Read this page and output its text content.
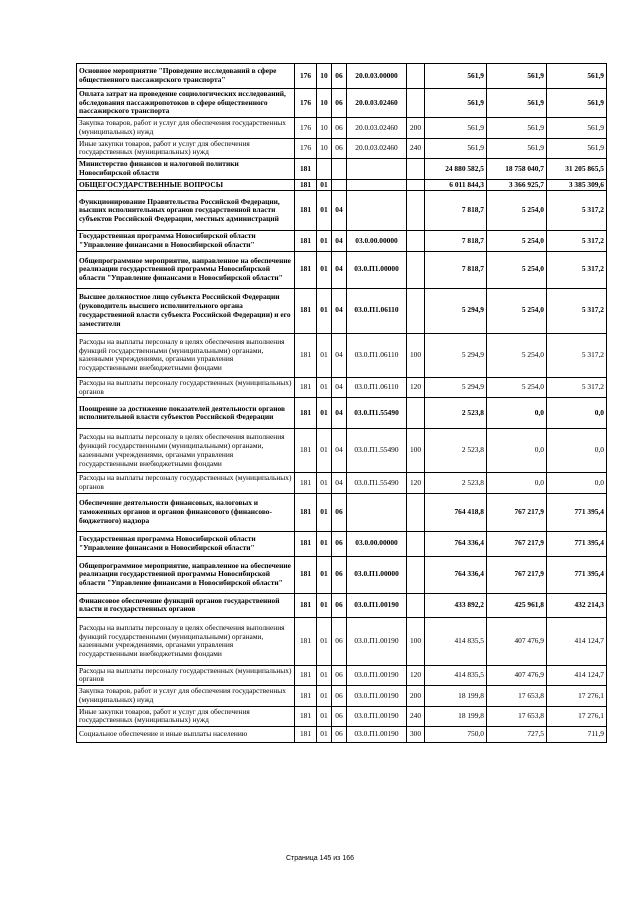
Основное мероприятие "Проведение исследований в сфере общественного пассажирского транспорта"	176	10	06	20.0.03.00000		561,9	561,9	561,9
Оплата затрат на проведение социологических исследований, обследования пассажиропотоков в сфере общественного пассажирского транспорта	176	10	06	20.0.03.02460		561,9	561,9	561,9
Закупка товаров, работ и услуг для обеспечения государственных (муниципальных) нужд	176	10	06	20.0.03.02460	200	561,9	561,9	561,9
Иные закупки товаров, работ и услуг для обеспечения государственных (муниципальных) нужд	176	10	06	20.0.03.02460	240	561,9	561,9	561,9
Министерство финансов и налоговой политики Новосибирской области	181					24 880 582,5	18 758 040,7	31 205 865,5
ОБЩЕГОСУДАРСТВЕННЫЕ ВОПРОСЫ	181	01				6 011 844,3	3 366 925,7	3 385 309,6
Функционирование Правительства Российской Федерации, высших исполнительных органов государственной власти субъектов Российской Федерации, местных администраций	181	01	04			7 818,7	5 254,0	5 317,2
Государственная программа Новосибирской области "Управление финансами в Новосибирской области"	181	01	04	03.0.00.00000		7 818,7	5 254,0	5 317,2
Общепрограммное мероприятие, направленное на обеспечение реализации государственной программы Новосибирской области "Управление финансами в Новосибирской области"	181	01	04	03.0.П1.00000		7 818,7	5 254,0	5 317,2
Высшее должностное лицо субъекта Российской Федерации (руководитель высшего исполнительного органа государственной власти субъекта Российской Федерации) и его заместители	181	01	04	03.0.П1.06110		5 294,9	5 254,0	5 317,2
Расходы на выплаты персоналу в целях обеспечения выполнения функций государственными (муниципальными) органами, казенными учреждениями, органами управления государственными внебюджетными фондами	181	01	04	03.0.П1.06110	100	5 294,9	5 254,0	5 317,2
Расходы на выплаты персоналу государственных (муниципальных) органов	181	01	04	03.0.П1.06110	120	5 294,9	5 254,0	5 317,2
Поощрение за достижение показателей деятельности органов исполнительной власти субъектов Российской Федерации	181	01	04	03.0.П1.55490		2 523,8	0,0	0,0
Расходы на выплаты персоналу в целях обеспечения выполнения функций государственными (муниципальными) органами, казенными учреждениями, органами управления государственными внебюджетными фондами	181	01	04	03.0.П1.55490	100	2 523,8	0,0	0,0
Расходы на выплаты персоналу государственных (муниципальных) органов	181	01	04	03.0.П1.55490	120	2 523,8	0,0	0,0
Обеспечение деятельности финансовых, налоговых и таможенных органов и органов финансового (финансово-бюджетного) надзора	181	01	06			764 418,8	767 217,9	771 395,4
Государственная программа Новосибирской области "Управление финансами в Новосибирской области"	181	01	06	03.0.00.00000		764 336,4	767 217,9	771 395,4
Общепрограммное мероприятие, направленное на обеспечение реализации государственной программы Новосибирской области "Управление финансами в Новосибирской области"	181	01	06	03.0.П1.00000		764 336,4	767 217,9	771 395,4
Финансовое обеспечение функций органов государственной власти и государственных органов	181	01	06	03.0.П1.00190		433 892,2	425 961,8	432 214,3
Расходы на выплаты персоналу в целях обеспечения выполнения функций государственными (муниципальными) органами, казенными учреждениями, органами управления государственными внебюджетными фондами	181	01	06	03.0.П1.00190	100	414 835,5	407 476,9	414 124,7
Расходы на выплаты персоналу государственных (муниципальных) органов	181	01	06	03.0.П1.00190	120	414 835,5	407 476,9	414 124,7
Закупка товаров, работ и услуг для обеспечения государственных (муниципальных) нужд	181	01	06	03.0.П1.00190	200	18 199,8	17 653,8	17 276,1
Иные закупки товаров, работ и услуг для обеспечения государственных (муниципальных) нужд	181	01	06	03.0.П1.00190	240	18 199,8	17 653,8	17 276,1
Социальное обеспечение и иные выплаты населению	181	01	06	03.0.П1.00190	300	750,0	727,5	711,9
Страница 145 из 166
